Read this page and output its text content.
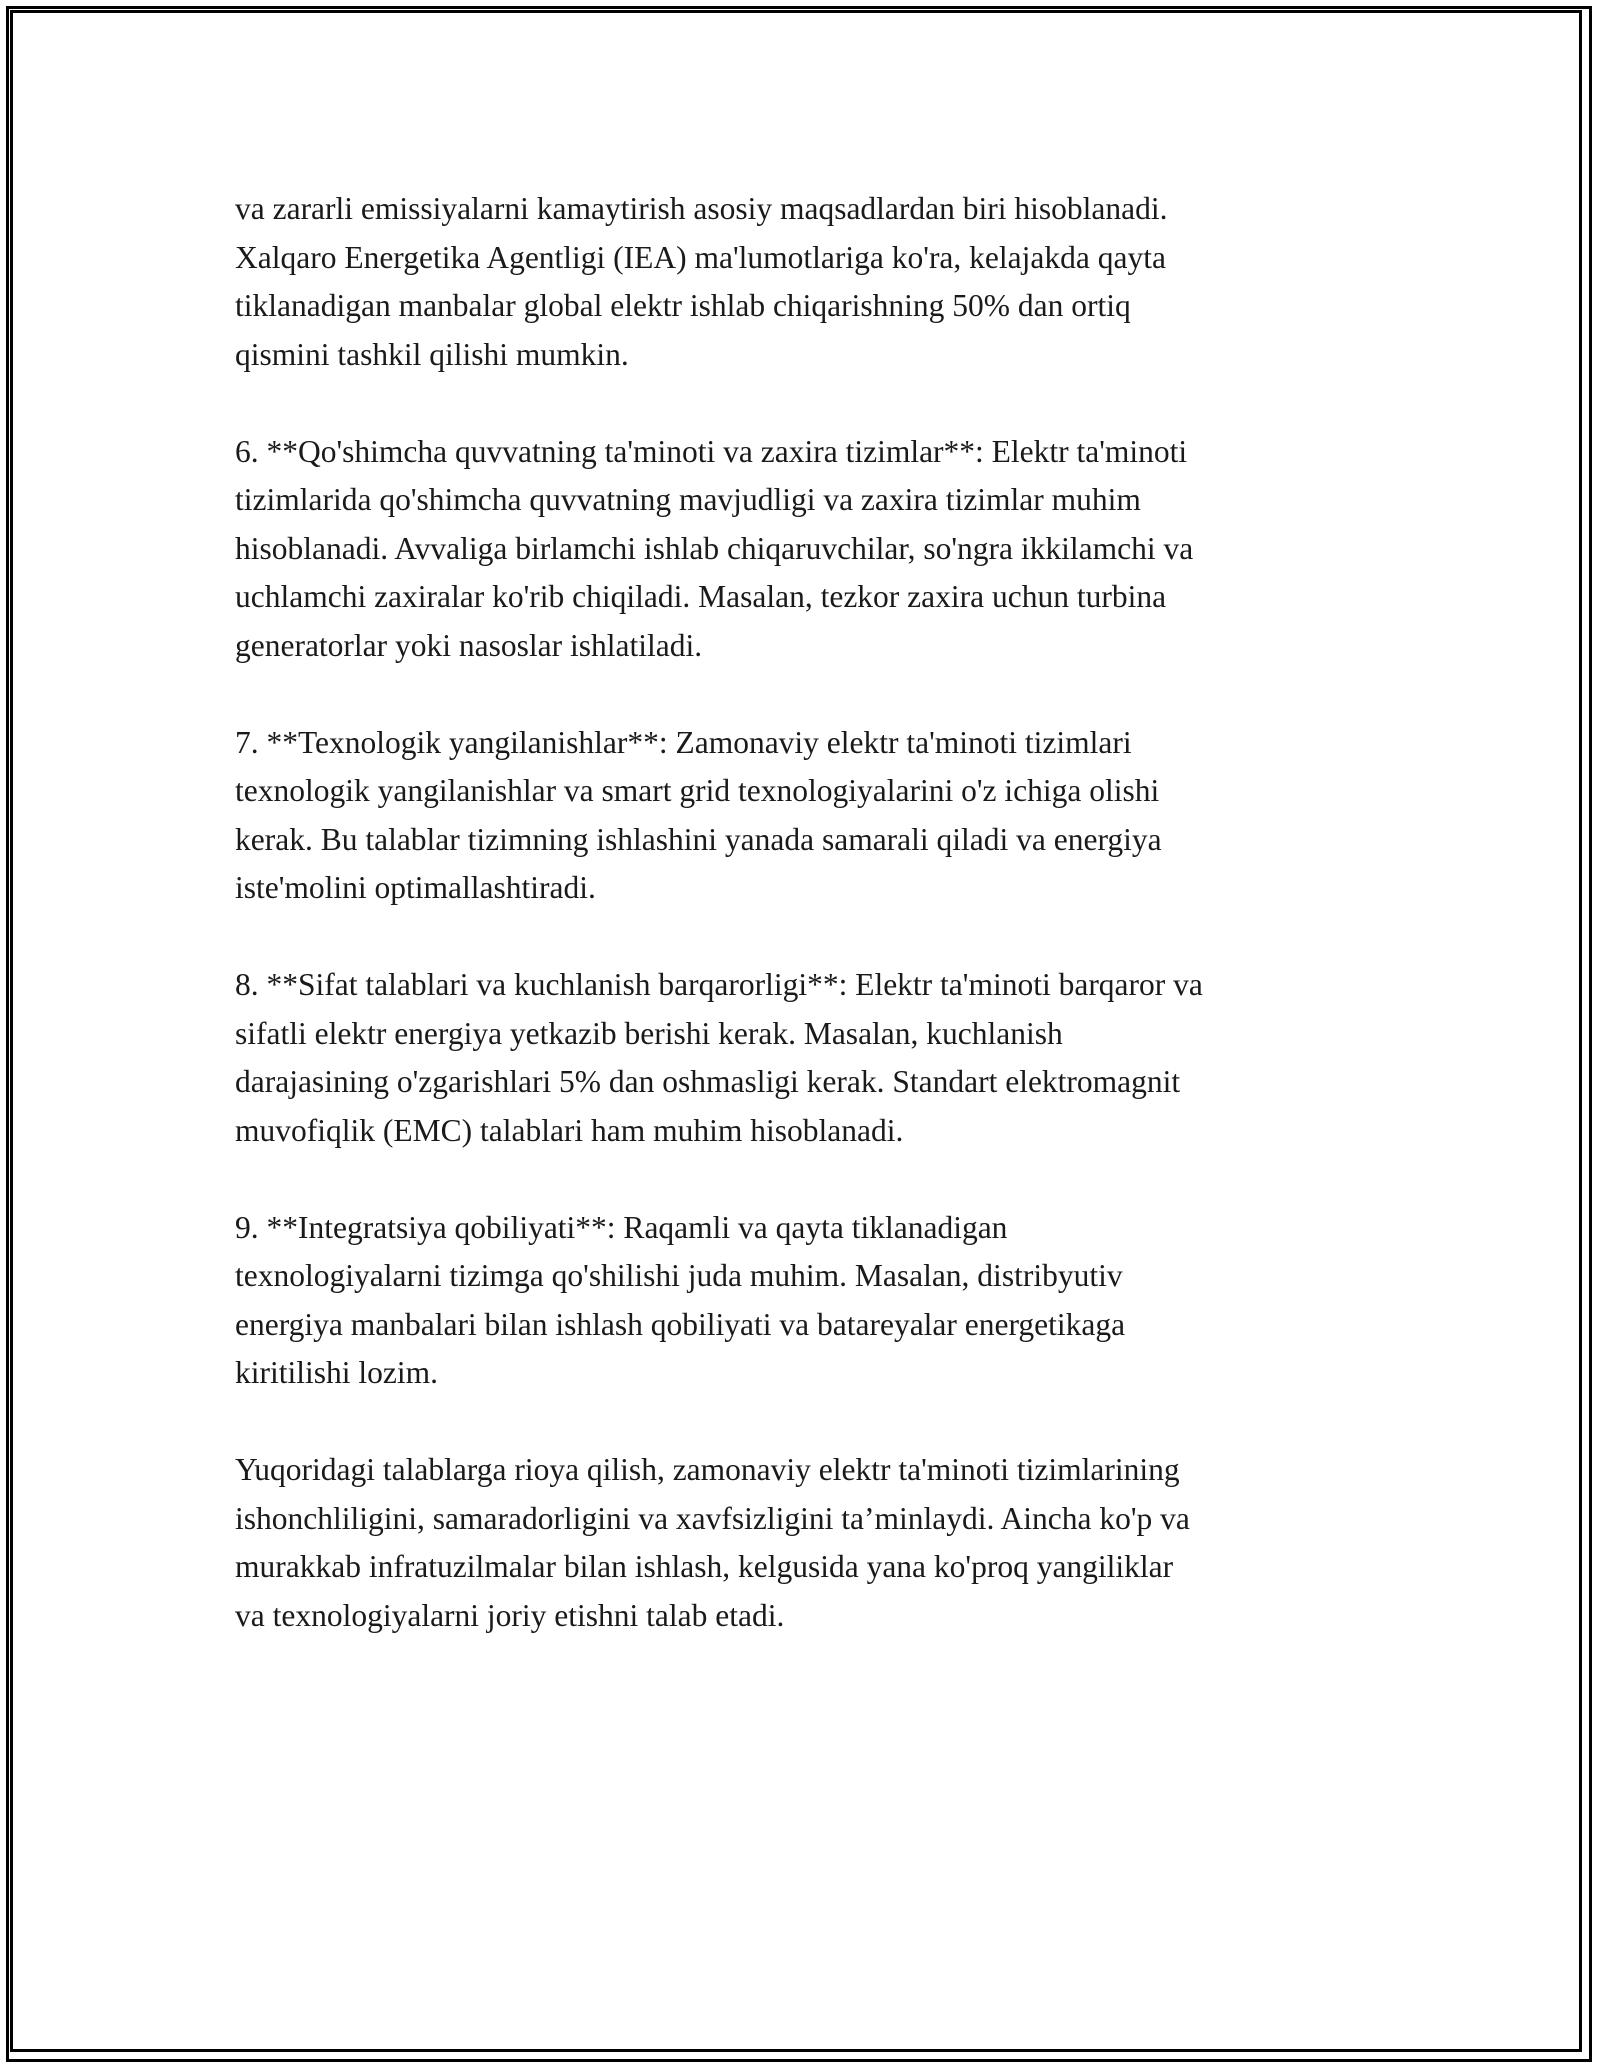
va zararli emissiyalarni kamaytirish asosiy maqsadlardan biri hisoblanadi.
Xalqaro Energetika Agentligi (IEA) ma'lumotlariga ko'ra, kelajakda qayta
tiklanadigan manbalar global elektr ishlab chiqarishning 50% dan ortiq
qismini tashkil qilishi mumkin.

6. **Qo'shimcha quvvatning ta'minoti va zaxira tizimlar**: Elektr ta'minoti
tizimlarida qo'shimcha quvvatning mavjudligi va zaxira tizimlar muhim
hisoblanadi. Avvaliga birlamchi ishlab chiqaruvchilar, so'ngra ikkilamchi va
uchlamchi zaxiralar ko'rib chiqiladi. Masalan, tezkor zaxira uchun turbina
generatorlar yoki nasoslar ishlatiladi.

7. **Texnologik yangilanishlar**: Zamonaviy elektr ta'minoti tizimlari
texnologik yangilanishlar va smart grid texnologiyalarini o'z ichiga olishi
kerak. Bu talablar tizimning ishlashini yanada samarali qiladi va energiya
iste'molini optimallashtiradi.

8. **Sifat talablari va kuchlanish barqarorligi**: Elektr ta'minoti barqaror va
sifatli elektr energiya yetkazib berishi kerak. Masalan, kuchlanish
darajasining o'zgarishlari 5% dan oshmasligi kerak. Standart elektromagnit
muvofiqlik (EMC) talablari ham muhim hisoblanadi.

9. **Integratsiya qobiliyati**: Raqamli va qayta tiklanadigan
texnologiyalarni tizimga qo'shilishi juda muhim. Masalan, distribyutiv
energiya manbalari bilan ishlash qobiliyati va batareyalar energetikaga
kiritilishi lozim.

Yuqoridagi talablarga rioya qilish, zamonaviy elektr ta'minoti tizimlarining
ishonchliligini, samaradorligini va xavfsizligini ta’minlaydi. Aincha ko'p va
murakkab infratuzilmalar bilan ishlash, kelgusida yana ko'proq yangiliklar
va texnologiyalarni joriy etishni talab etadi.
